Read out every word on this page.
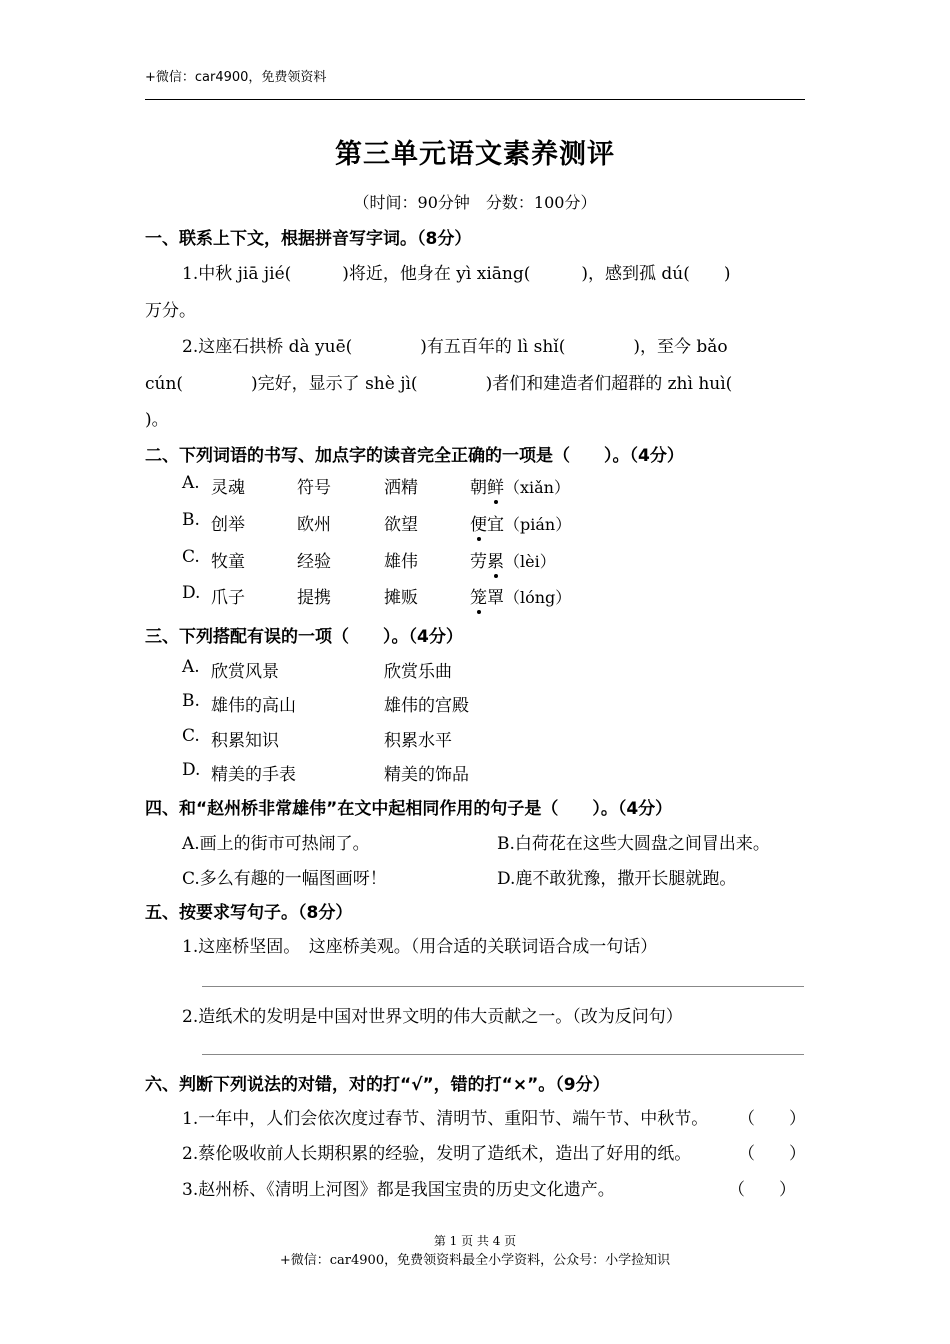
+微信：car4900，免费领资料
第三单元语文素养测评
（时间：90分钟　分数：100分）
一、联系上下文，根据拼音写字词。（8分）
1.中秋 jiā jié(　　　)将近，他身在 yì xiāng(　　　)，感到孤 dú(　　)
万分。
2.这座石拱桥 dà yuē(　　　　)有五百年的 lì shǐ(　　　　)，至今 bǎo
cún(　　　　)完好，显示了 shè jì(　　　　)者们和建造者们超群的 zhì huì(
)。
二、下列词语的书写、加点字的读音完全正确的一项是（　　）。（4分）
A. 灵魂	符号	洒精	朝鲜（xiǎn）
B. 创举	欧州	欲望	便宜（pián）
C. 牧童	经验	雄伟	劳累（lèi）
D. 爪子	提携	摊贩	笼罩（lóng）
三、下列搭配有误的一项（　　）。（4分）
A. 欣赏风景	欣赏乐曲
B. 雄伟的高山	雄伟的宫殿
C. 积累知识	积累水平
D. 精美的手表	精美的饰品
四、和“赵州桥非常雄伟”在文中起相同作用的句子是（　　）。（4分）
A.画上的街市可热闹了。	B.白荷花在这些大圆盘之间冒出来。
C.多么有趣的一幅图画呀！	D.鹿不敢犹豫，撒开长腿就跑。
五、按要求写句子。（8分）
1.这座桥坚固。　这座桥美观。（用合适的关联词语合成一句话）
2.造纸术的发明是中国对世界文明的伟大贡献之一。（改为反问句）
六、判断下列说法的对错，对的打“√”，错的打“×”。（9分）
1.一年中，人们会依次度过春节、清明节、重阳节、端午节、中秋节。 （　　）
2.蔡伦吸收前人长期积累的经验，发明了造纸术，造出了好用的纸。	（　　）
3.赵州桥、《清明上河图》都是我国宝贵的历史文化遗产。	（　　）
第 1 页 共 4 页
+微信：car4900，免费领资料最全小学资料，公众号：小学捡知识
